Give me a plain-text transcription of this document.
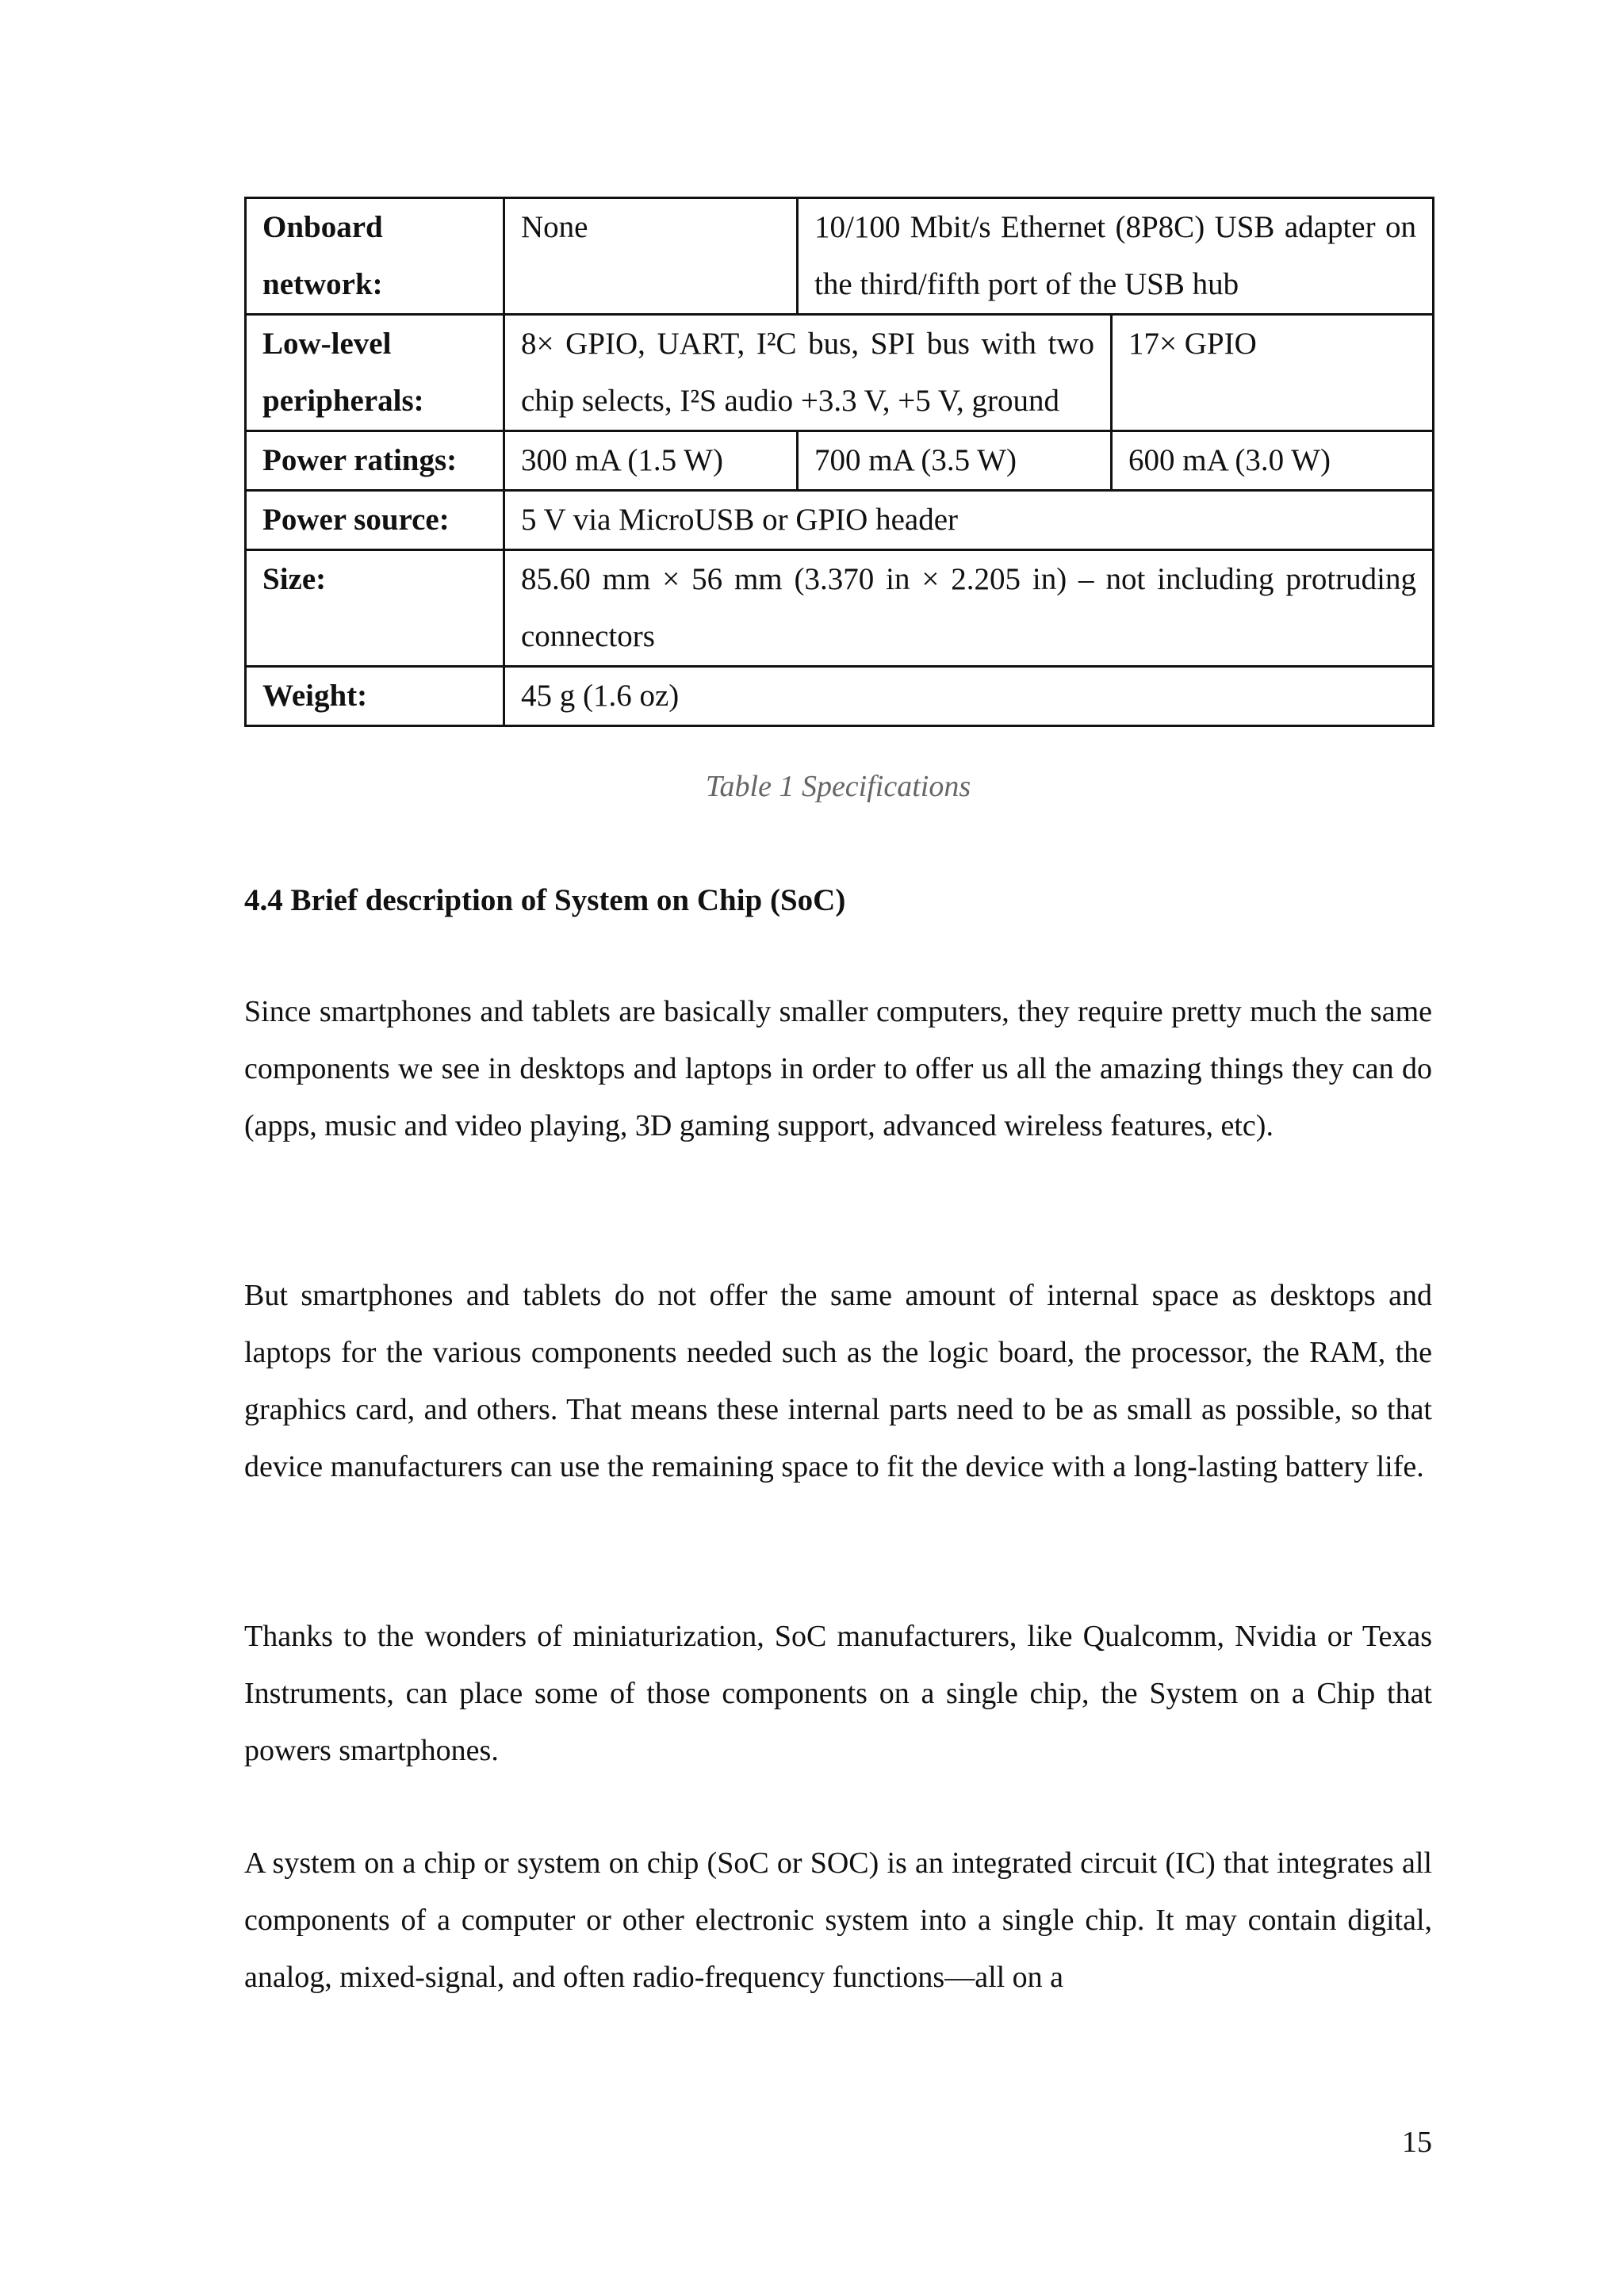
Onboard network:	None	10/100 Mbit/s Ethernet (8P8C) USB adapter on the third/fifth port of the USB hub	
Low-level peripherals:	8× GPIO, UART, I²C bus, SPI bus with two chip selects, I²S audio +3.3 V, +5 V, ground		17× GPIO
Power ratings:	300 mA (1.5 W)	700 mA (3.5 W)	600 mA (3.0 W)
Power source:	5 V via MicroUSB or GPIO header		
Size:	85.60 mm × 56 mm (3.370 in × 2.205 in) – not including protruding connectors		
Weight:	45 g (1.6 oz)		
Table 1 Specifications
4.4 Brief description of System on Chip (SoC)

Since smartphones and tablets are basically smaller computers, they require pretty much the same components we see in desktops and laptops in order to offer us all the amazing things they can do (apps, music and video playing, 3D gaming support, advanced wireless features, etc).

But smartphones and tablets do not offer the same amount of internal space as desktops and laptops for the various components needed such as the logic board, the processor, the RAM, the graphics card, and others. That means these internal parts need to be as small as possible, so that device manufacturers can use the remaining space to fit the device with a long-lasting battery life.

Thanks to the wonders of miniaturization, SoC manufacturers, like Qualcomm, Nvidia or Texas Instruments, can place some of those components on a single chip, the System on a Chip that powers smartphones.

A system on a chip or system on chip (SoC or SOC) is an integrated circuit (IC) that integrates all components of a computer or other electronic system into a single chip. It may contain digital, analog, mixed-signal, and often radio-frequency functions—all on a

15
